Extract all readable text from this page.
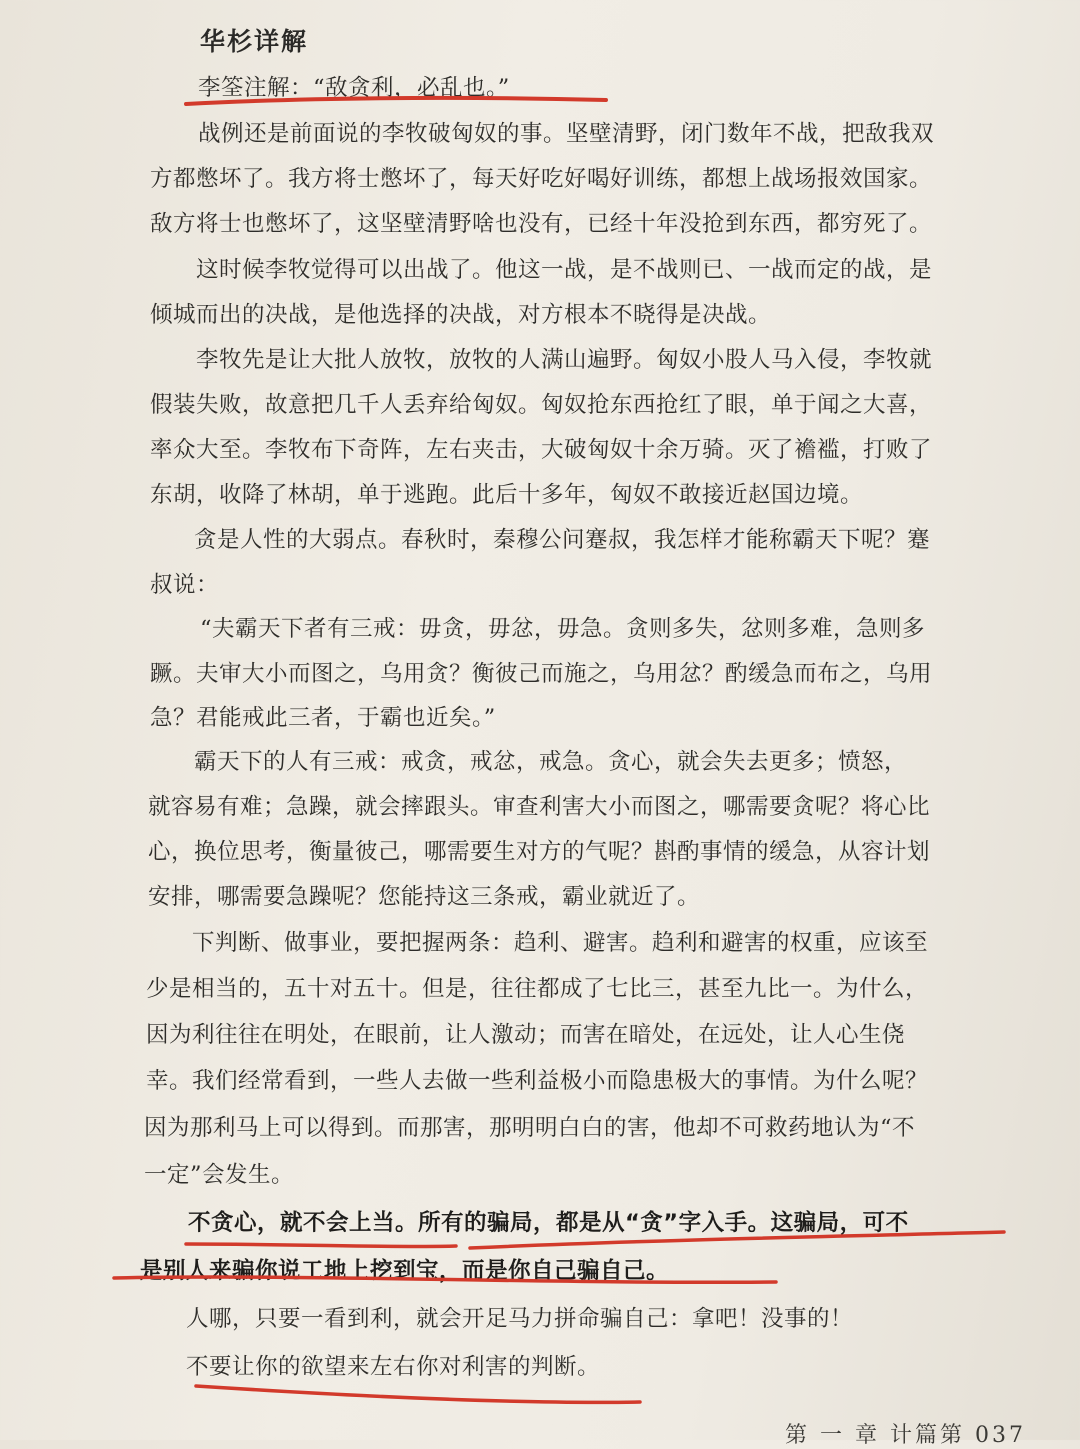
华杉详解
李筌注解：“敌贪利，必乱也。”
战例还是前面说的李牧破匈奴的事。坚壁清野，闭门数年不战，把敌我双
方都憋坏了。我方将士憋坏了，每天好吃好喝好训练，都想上战场报效国家。
敌方将士也憋坏了，这坚壁清野啥也没有，已经十年没抢到东西，都穷死了。
这时候李牧觉得可以出战了。他这一战，是不战则已、一战而定的战，是
倾城而出的决战，是他选择的决战，对方根本不晓得是决战。
李牧先是让大批人放牧，放牧的人满山遍野。匈奴小股人马入侵，李牧就
假装失败，故意把几千人丢弃给匈奴。匈奴抢东西抢红了眼，单于闻之大喜，
率众大至。李牧布下奇阵，左右夹击，大破匈奴十余万骑。灭了襜褴，打败了
东胡，收降了林胡，单于逃跑。此后十多年，匈奴不敢接近赵国边境。
贪是人性的大弱点。春秋时，秦穆公问蹇叔，我怎样才能称霸天下呢？蹇
叔说：
“夫霸天下者有三戒：毋贪，毋忿，毋急。贪则多失，忿则多难，急则多
蹶。夫审大小而图之，乌用贪？衡彼己而施之，乌用忿？酌缓急而布之，乌用
急？君能戒此三者，于霸也近矣。”
霸天下的人有三戒：戒贪，戒忿，戒急。贪心，就会失去更多；愤怒，
就容易有难；急躁，就会摔跟头。审查利害大小而图之，哪需要贪呢？将心比
心，换位思考，衡量彼己，哪需要生对方的气呢？斟酌事情的缓急，从容计划
安排，哪需要急躁呢？您能持这三条戒，霸业就近了。
下判断、做事业，要把握两条：趋利、避害。趋利和避害的权重，应该至
少是相当的，五十对五十。但是，往往都成了七比三，甚至九比一。为什么，
因为利往往在明处，在眼前，让人激动；而害在暗处，在远处，让人心生侥
幸。我们经常看到，一些人去做一些利益极小而隐患极大的事情。为什么呢？
因为那利马上可以得到。而那害，那明明白白的害，他却不可救药地认为“不
一定”会发生。
不贪心，就不会上当。所有的骗局，都是从“贪”字入手。这骗局，可不
是别人来骗你说工地上挖到宝，而是你自己骗自己。
人哪，只要一看到利，就会开足马力拼命骗自己：拿吧！没事的！
不要让你的欲望来左右你对利害的判断。
第 一 章 计篇第 037
